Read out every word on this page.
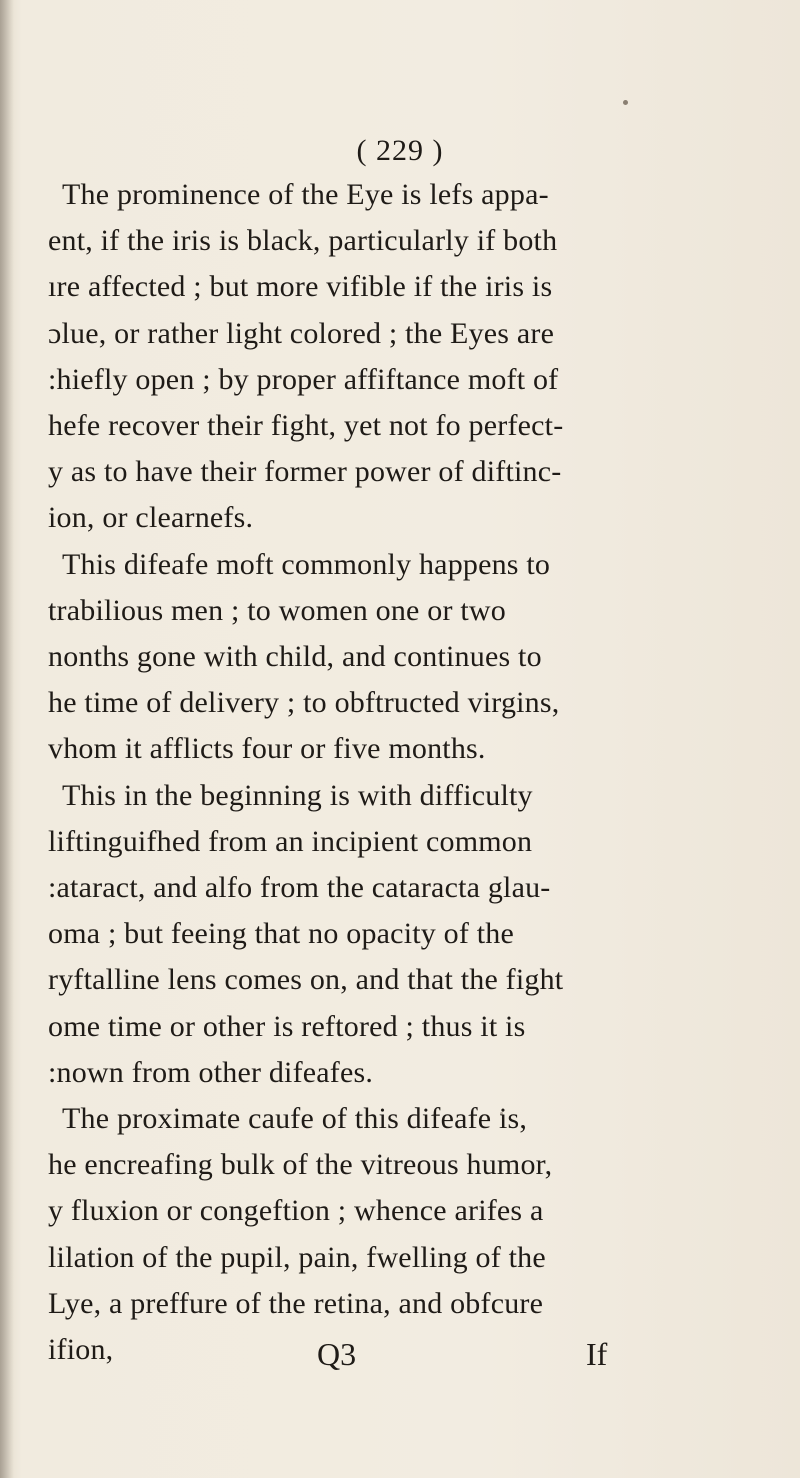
( 229 )
The prominence of the Eye is lefs appa-
ent, if the iris is black, particularly if both
ıre affected ; but more vifible if the iris is
ɔlue, or rather light colored ; the Eyes are
:hiefly open ; by proper affiftance moft of
hefe recover their fight, yet not fo perfect-
y as to have their former power of diftinc-
ion, or clearnefs.
This difeafe moft commonly happens to
trabilious men ; to women one or two
nonths gone with child, and continues to
he time of delivery ; to obftructed virgins,
vhom it afflicts four or five months.
This in the beginning is with difficulty
liftinguifhed from an incipient common
:ataract, and alfo from the cataracta glau-
oma ; but feeing that no opacity of the
ryftalline lens comes on, and that the fight
ome time or other is reftored ; thus it is
:nown from other difeafes.
The proximate caufe of this difeafe is,
he encreafing bulk of the vitreous humor,
y fluxion or congeftion ; whence arifes a
lilation of the pupil, pain, fwelling of the
Lye, a preffure of the retina, and obfcure
ifion,	Q3	If
